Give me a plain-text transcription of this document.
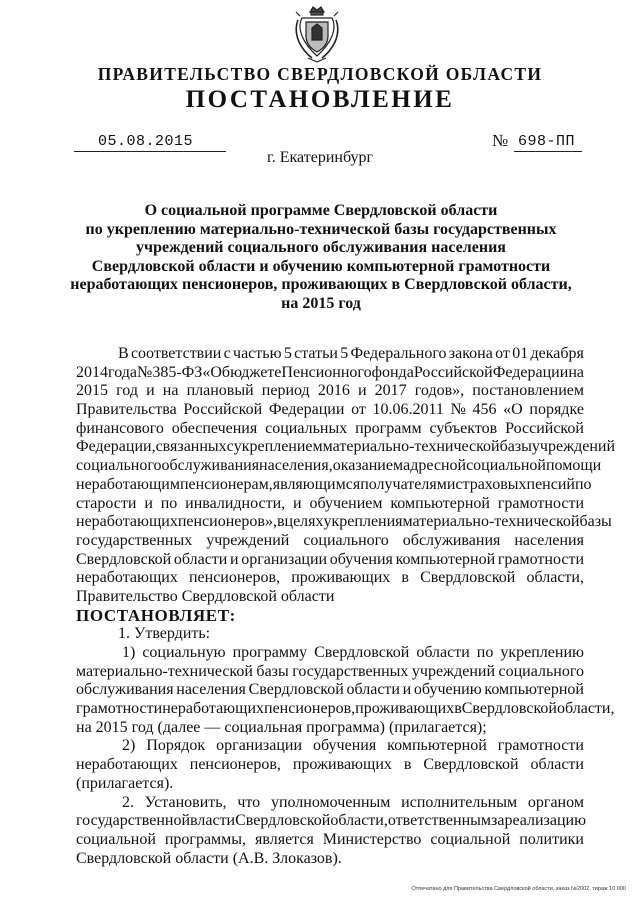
ПРАВИТЕЛЬСТВО СВЕРДЛОВСКОЙ ОБЛАСТИ
ПОСТАНОВЛЕНИЕ
05.08.2015	№ 698-ПП
г. Екатеринбург
О социальной программе Свердловской области
по укреплению материально-технической базы государственных
учреждений социального обслуживания населения
Свердловской области и обучению компьютерной грамотности
неработающих пенсионеров, проживающих в Свердловской области,
на 2015 год
В соответствии с частью 5 статьи 5 Федерального закона от 01 декабря
2014 года № 385-ФЗ «О бюджете Пенсионного фонда Российской Федерации на
2015 год и на плановый период 2016 и 2017 годов», постановлением
Правительства Российской Федерации от 10.06.2011 № 456 «О порядке
финансового обеспечения социальных программ субъектов Российской
Федерации, связанных с укреплением материально-технической базы учреждений
социального обслуживания населения, оказанием адресной социальной помощи
неработающим пенсионерам, являющимся получателями страховых пенсий по
старости и по инвалидности, и обучением компьютерной грамотности
неработающих пенсионеров», в целях укрепления материально-технической базы
государственных учреждений социального обслуживания населения
Свердловской области и организации обучения компьютерной грамотности
неработающих пенсионеров, проживающих в Свердловской области,
Правительство Свердловской области
ПОСТАНОВЛЯЕТ:
1. Утвердить:
1) социальную программу Свердловской области по укреплению
материально-технической базы государственных учреждений социального
обслуживания населения Свердловской области и обучению компьютерной
грамотности неработающих пенсионеров, проживающих в Свердловской области,
на 2015 год (далее — социальная программа) (прилагается);
2) Порядок организации обучения компьютерной грамотности
неработающих пенсионеров, проживающих в Свердловской области
(прилагается).
2. Установить, что уполномоченным исполнительным органом
государственной власти Свердловской области, ответственным за реализацию
социальной программы, является Министерство социальной политики
Свердловской области (А.В. Злоказов).
Отпечатано для Правительства Свердловской области, заказ №2002, тираж 10 000
